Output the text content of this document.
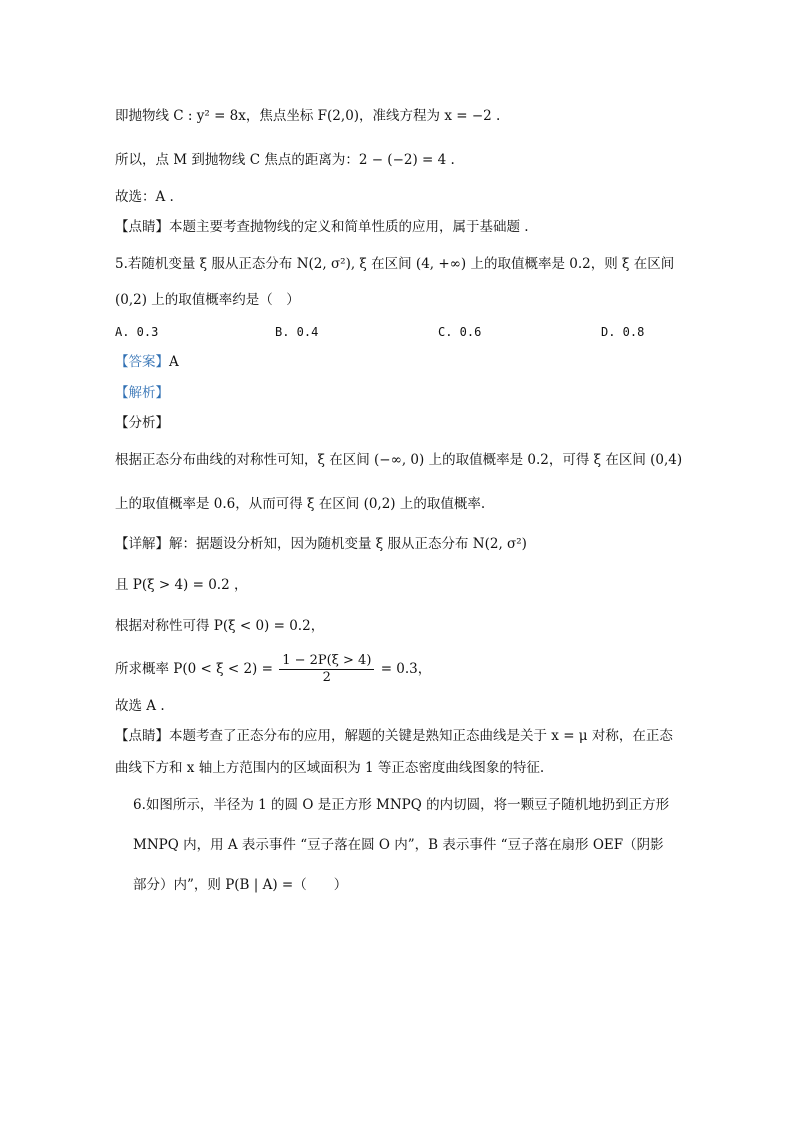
即抛物线 C : y² = 8x，焦点坐标 F(2,0)，准线方程为 x = −2 .
所以，点 M 到抛物线 C 焦点的距离为：2 − (−2) = 4 .
故选：A .
【点睛】本题主要考查抛物线的定义和简单性质的应用，属于基础题 .
5.若随机变量 ξ 服从正态分布 N(2, σ²), ξ 在区间 (4, +∞) 上的取值概率是 0.2，则 ξ 在区间
(0,2) 上的取值概率约是（　）
A. 0.3	B. 0.4	C. 0.6	D. 0.8
【答案】A
【解析】
【分析】
根据正态分布曲线的对称性可知，ξ 在区间 (−∞, 0) 上的取值概率是 0.2，可得 ξ 在区间 (0,4)
上的取值概率是 0.6，从而可得 ξ 在区间 (0,2) 上的取值概率.
【详解】解：据题设分析知，因为随机变量 ξ 服从正态分布 N(2, σ²)
且 P(ξ > 4) = 0.2 ，
根据对称性可得 P(ξ < 0) = 0.2，
所求概率 $P(0 < \xi < 2) = \frac{1 - 2P(\xi > 4)}{2} = 0.3$，
故选 A .
【点睛】本题考查了正态分布的应用，解题的关键是熟知正态曲线是关于 x = μ 对称，在正态
曲线下方和 x 轴上方范围内的区域面积为 1 等正态密度曲线图象的特征.
6.如图所示，半径为 1 的圆 O 是正方形 MNPQ 的内切圆，将一颗豆子随机地扔到正方形
MNPQ 内，用 A 表示事件 “豆子落在圆 O 内”，B 表示事件 “豆子落在扇形 OEF（阴影
部分）内”，则 P(B | A) =（　　）
